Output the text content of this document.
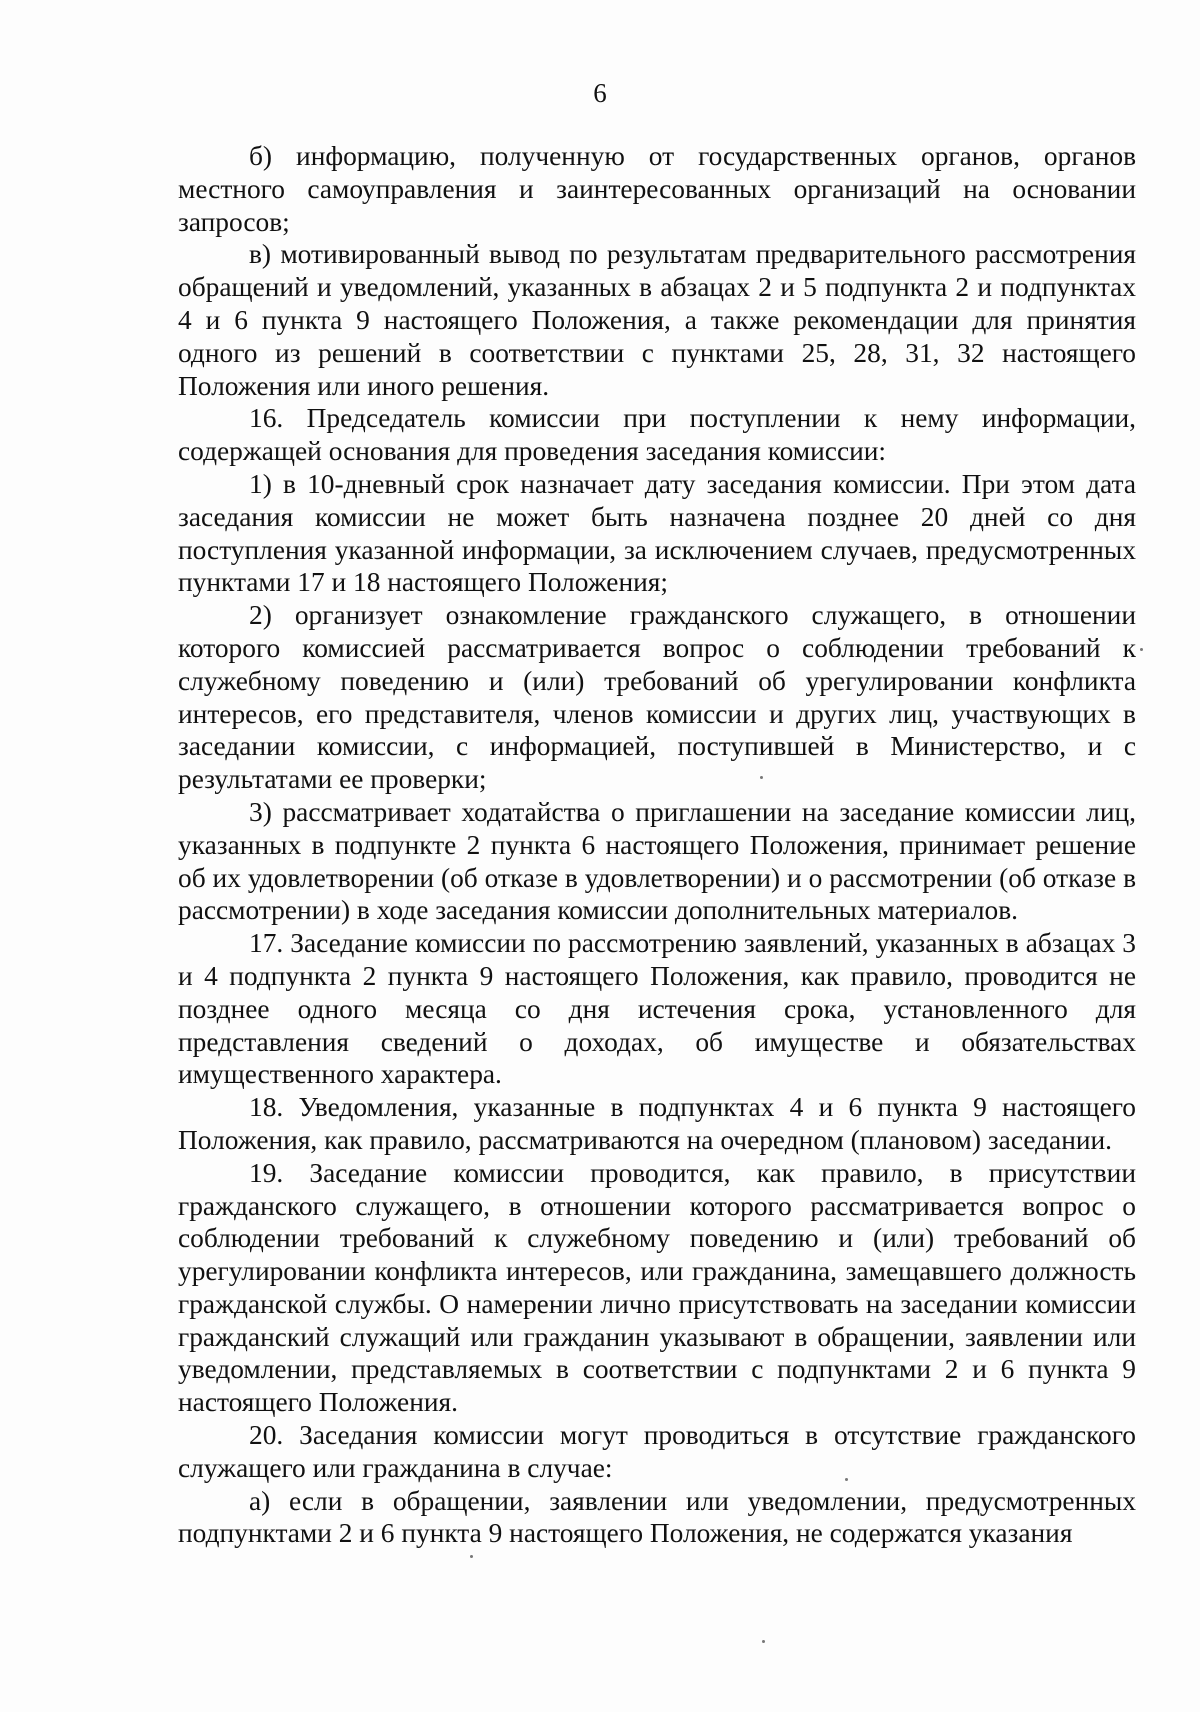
6

б) информацию, полученную от государственных органов, органов местного самоуправления и заинтересованных организаций на основании запросов;

в) мотивированный вывод по результатам предварительного рассмотрения обращений и уведомлений, указанных в абзацах 2 и 5 подпункта 2 и подпунктах 4 и 6 пункта 9 настоящего Положения, а также рекомендации для принятия одного из решений в соответствии с пунктами 25, 28, 31, 32 настоящего Положения или иного решения.

16. Председатель комиссии при поступлении к нему информации, содержащей основания для проведения заседания комиссии:

1) в 10-дневный срок назначает дату заседания комиссии. При этом дата заседания комиссии не может быть назначена позднее 20 дней со дня поступления указанной информации, за исключением случаев, предусмотренных пунктами 17 и 18 настоящего Положения;

2) организует ознакомление гражданского служащего, в отношении которого комиссией рассматривается вопрос о соблюдении требований к служебному поведению и (или) требований об урегулировании конфликта интересов, его представителя, членов комиссии и других лиц, участвующих в заседании комиссии, с информацией, поступившей в Министерство, и с результатами ее проверки;

3) рассматривает ходатайства о приглашении на заседание комиссии лиц, указанных в подпункте 2 пункта 6 настоящего Положения, принимает решение об их удовлетворении (об отказе в удовлетворении) и о рассмотрении (об отказе в рассмотрении) в ходе заседания комиссии дополнительных материалов.

17. Заседание комиссии по рассмотрению заявлений, указанных в абзацах 3 и 4 подпункта 2 пункта 9 настоящего Положения, как правило, проводится не позднее одного месяца со дня истечения срока, установленного для представления сведений о доходах, об имуществе и обязательствах имущественного характера.

18. Уведомления, указанные в подпунктах 4 и 6 пункта 9 настоящего Положения, как правило, рассматриваются на очередном (плановом) заседании.

19. Заседание комиссии проводится, как правило, в присутствии гражданского служащего, в отношении которого рассматривается вопрос о соблюдении требований к служебному поведению и (или) требований об урегулировании конфликта интересов, или гражданина, замещавшего должность гражданской службы. О намерении лично присутствовать на заседании комиссии гражданский служащий или гражданин указывают в обращении, заявлении или уведомлении, представляемых в соответствии с подпунктами 2 и 6 пункта 9 настоящего Положения.

20. Заседания комиссии могут проводиться в отсутствие гражданского служащего или гражданина в случае:

а) если в обращении, заявлении или уведомлении, предусмотренных подпунктами 2 и 6 пункта 9 настоящего Положения, не содержатся указания
